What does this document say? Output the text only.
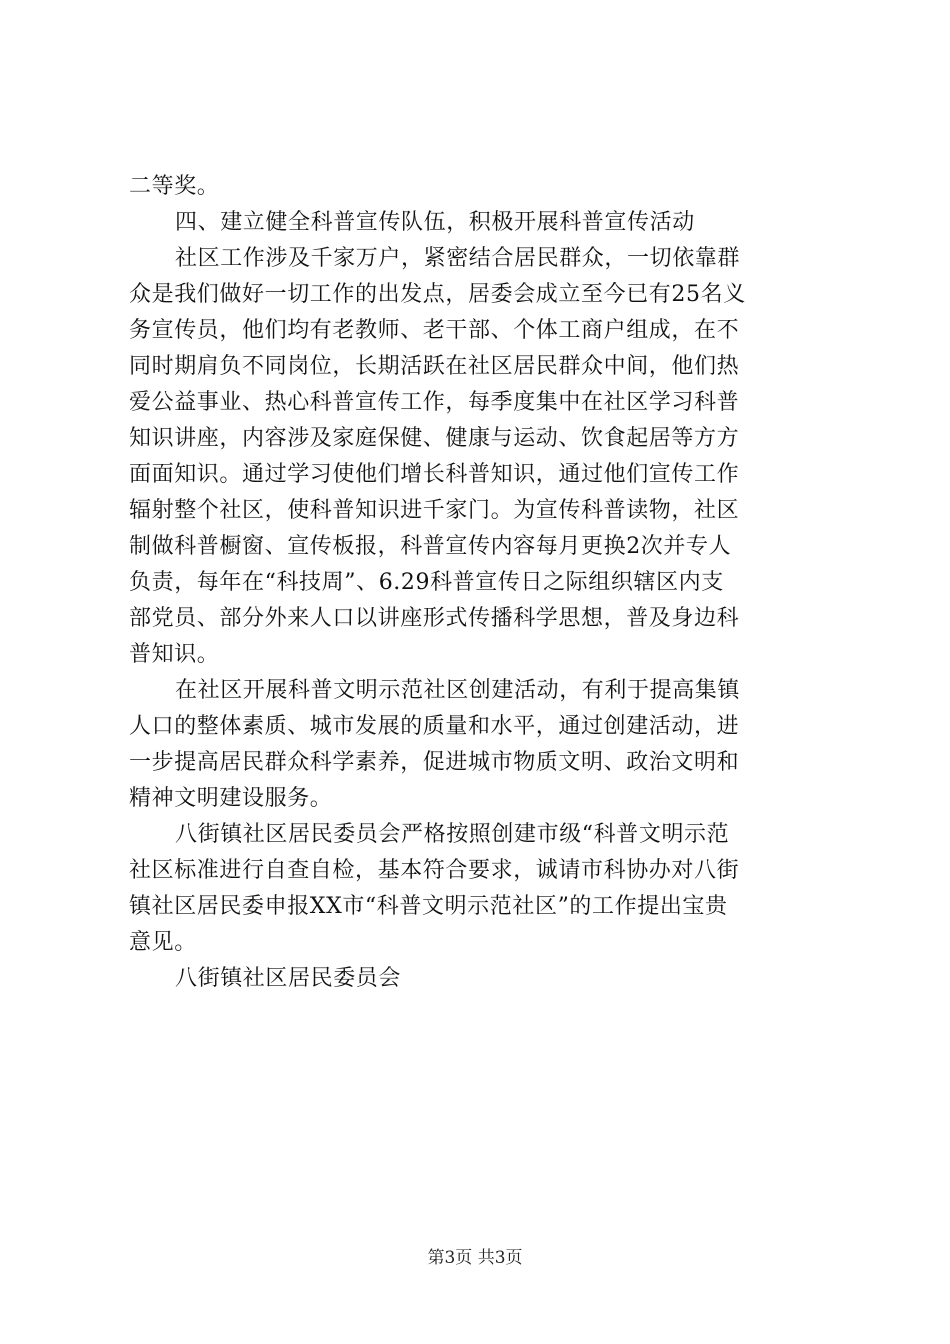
二等奖。
四、建立健全科普宣传队伍，积极开展科普宣传活动
社区工作涉及千家万户，紧密结合居民群众，一切依靠群
众是我们做好一切工作的出发点，居委会成立至今已有25名义
务宣传员，他们均有老教师、老干部、个体工商户组成，在不
同时期肩负不同岗位，长期活跃在社区居民群众中间，他们热
爱公益事业、热心科普宣传工作，每季度集中在社区学习科普
知识讲座，内容涉及家庭保健、健康与运动、饮食起居等方方
面面知识。通过学习使他们增长科普知识，通过他们宣传工作
辐射整个社区，使科普知识进千家门。为宣传科普读物，社区
制做科普橱窗、宣传板报，科普宣传内容每月更换2次并专人
负责，每年在“科技周”、6.29科普宣传日之际组织辖区内支
部党员、部分外来人口以讲座形式传播科学思想，普及身边科
普知识。
在社区开展科普文明示范社区创建活动，有利于提高集镇
人口的整体素质、城市发展的质量和水平，通过创建活动，进
一步提高居民群众科学素养，促进城市物质文明、政治文明和
精神文明建设服务。
八街镇社区居民委员会严格按照创建市级“科普文明示范
社区标准进行自查自检，基本符合要求，诚请市科协办对八街
镇社区居民委申报XX市“科普文明示范社区”的工作提出宝贵
意见。
八街镇社区居民委员会
第3页 共3页
